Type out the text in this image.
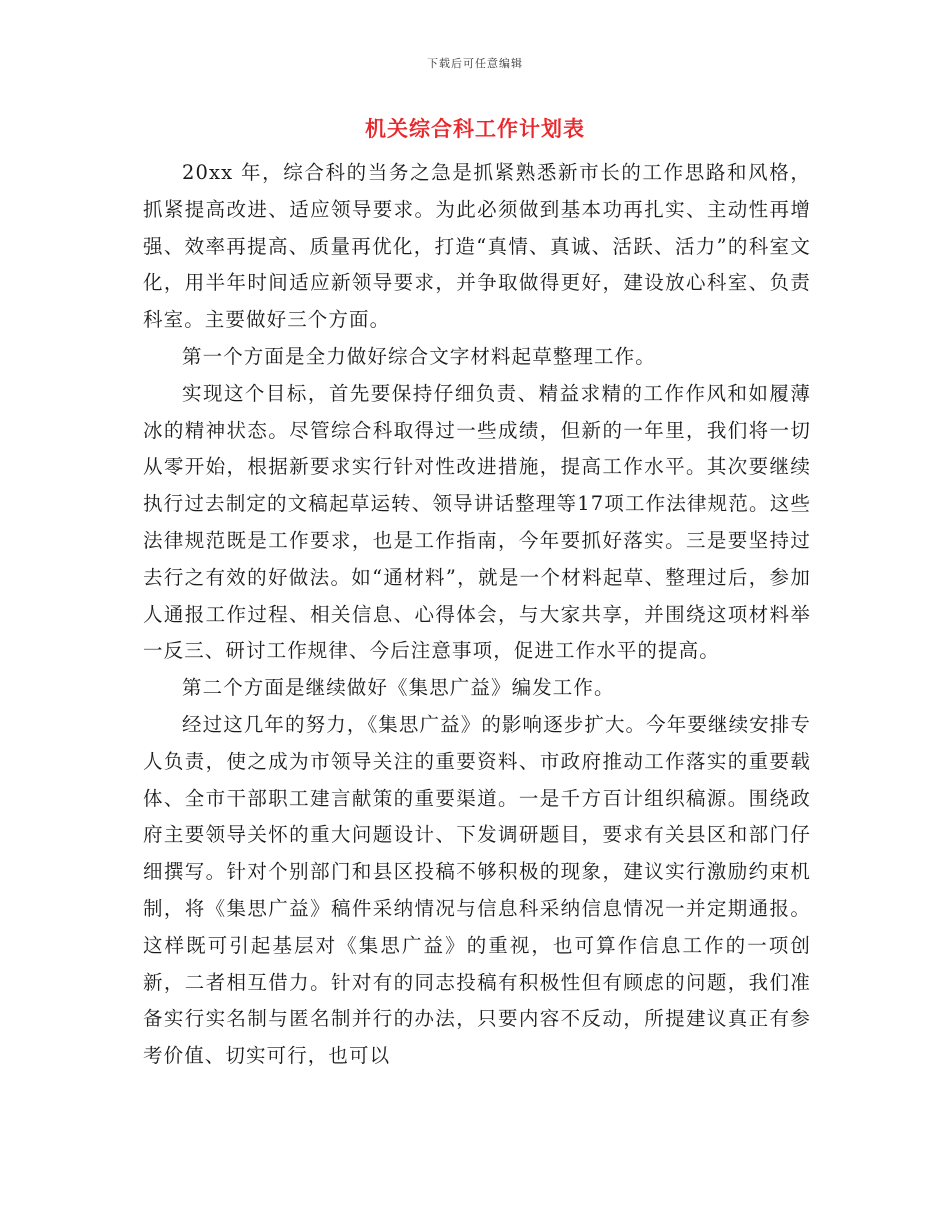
下载后可任意编辑
机关综合科工作计划表

20xx 年，综合科的当务之急是抓紧熟悉新市长的工作思路和风格，抓紧提高改进、适应领导要求。为此必须做到基本功再扎实、主动性再增强、效率再提高、质量再优化，打造“真情、真诚、活跃、活力”的科室文化，用半年时间适应新领导要求，并争取做得更好，建设放心科室、负责科室。主要做好三个方面。

第一个方面是全力做好综合文字材料起草整理工作。

实现这个目标，首先要保持仔细负责、精益求精的工作作风和如履薄冰的精神状态。尽管综合科取得过一些成绩，但新的一年里，我们将一切从零开始，根据新要求实行针对性改进措施，提高工作水平。其次要继续执行过去制定的文稿起草运转、领导讲话整理等17项工作法律规范。这些法律规范既是工作要求，也是工作指南，今年要抓好落实。三是要坚持过去行之有效的好做法。如“通材料”，就是一个材料起草、整理过后，参加人通报工作过程、相关信息、心得体会，与大家共享，并围绕这项材料举一反三、研讨工作规律、今后注意事项，促进工作水平的提高。

第二个方面是继续做好《集思广益》编发工作。

经过这几年的努力，《集思广益》的影响逐步扩大。今年要继续安排专人负责，使之成为市领导关注的重要资料、市政府推动工作落实的重要载体、全市干部职工建言献策的重要渠道。一是千方百计组织稿源。围绕政府主要领导关怀的重大问题设计、下发调研题目，要求有关县区和部门仔细撰写。针对个别部门和县区投稿不够积极的现象，建议实行激励约束机制，将《集思广益》稿件采纳情况与信息科采纳信息情况一并定期通报。这样既可引起基层对《集思广益》的重视，也可算作信息工作的一项创新，二者相互借力。针对有的同志投稿有积极性但有顾虑的问题，我们准备实行实名制与匿名制并行的办法，只要内容不反动，所提建议真正有参考价值、切实可行，也可以
